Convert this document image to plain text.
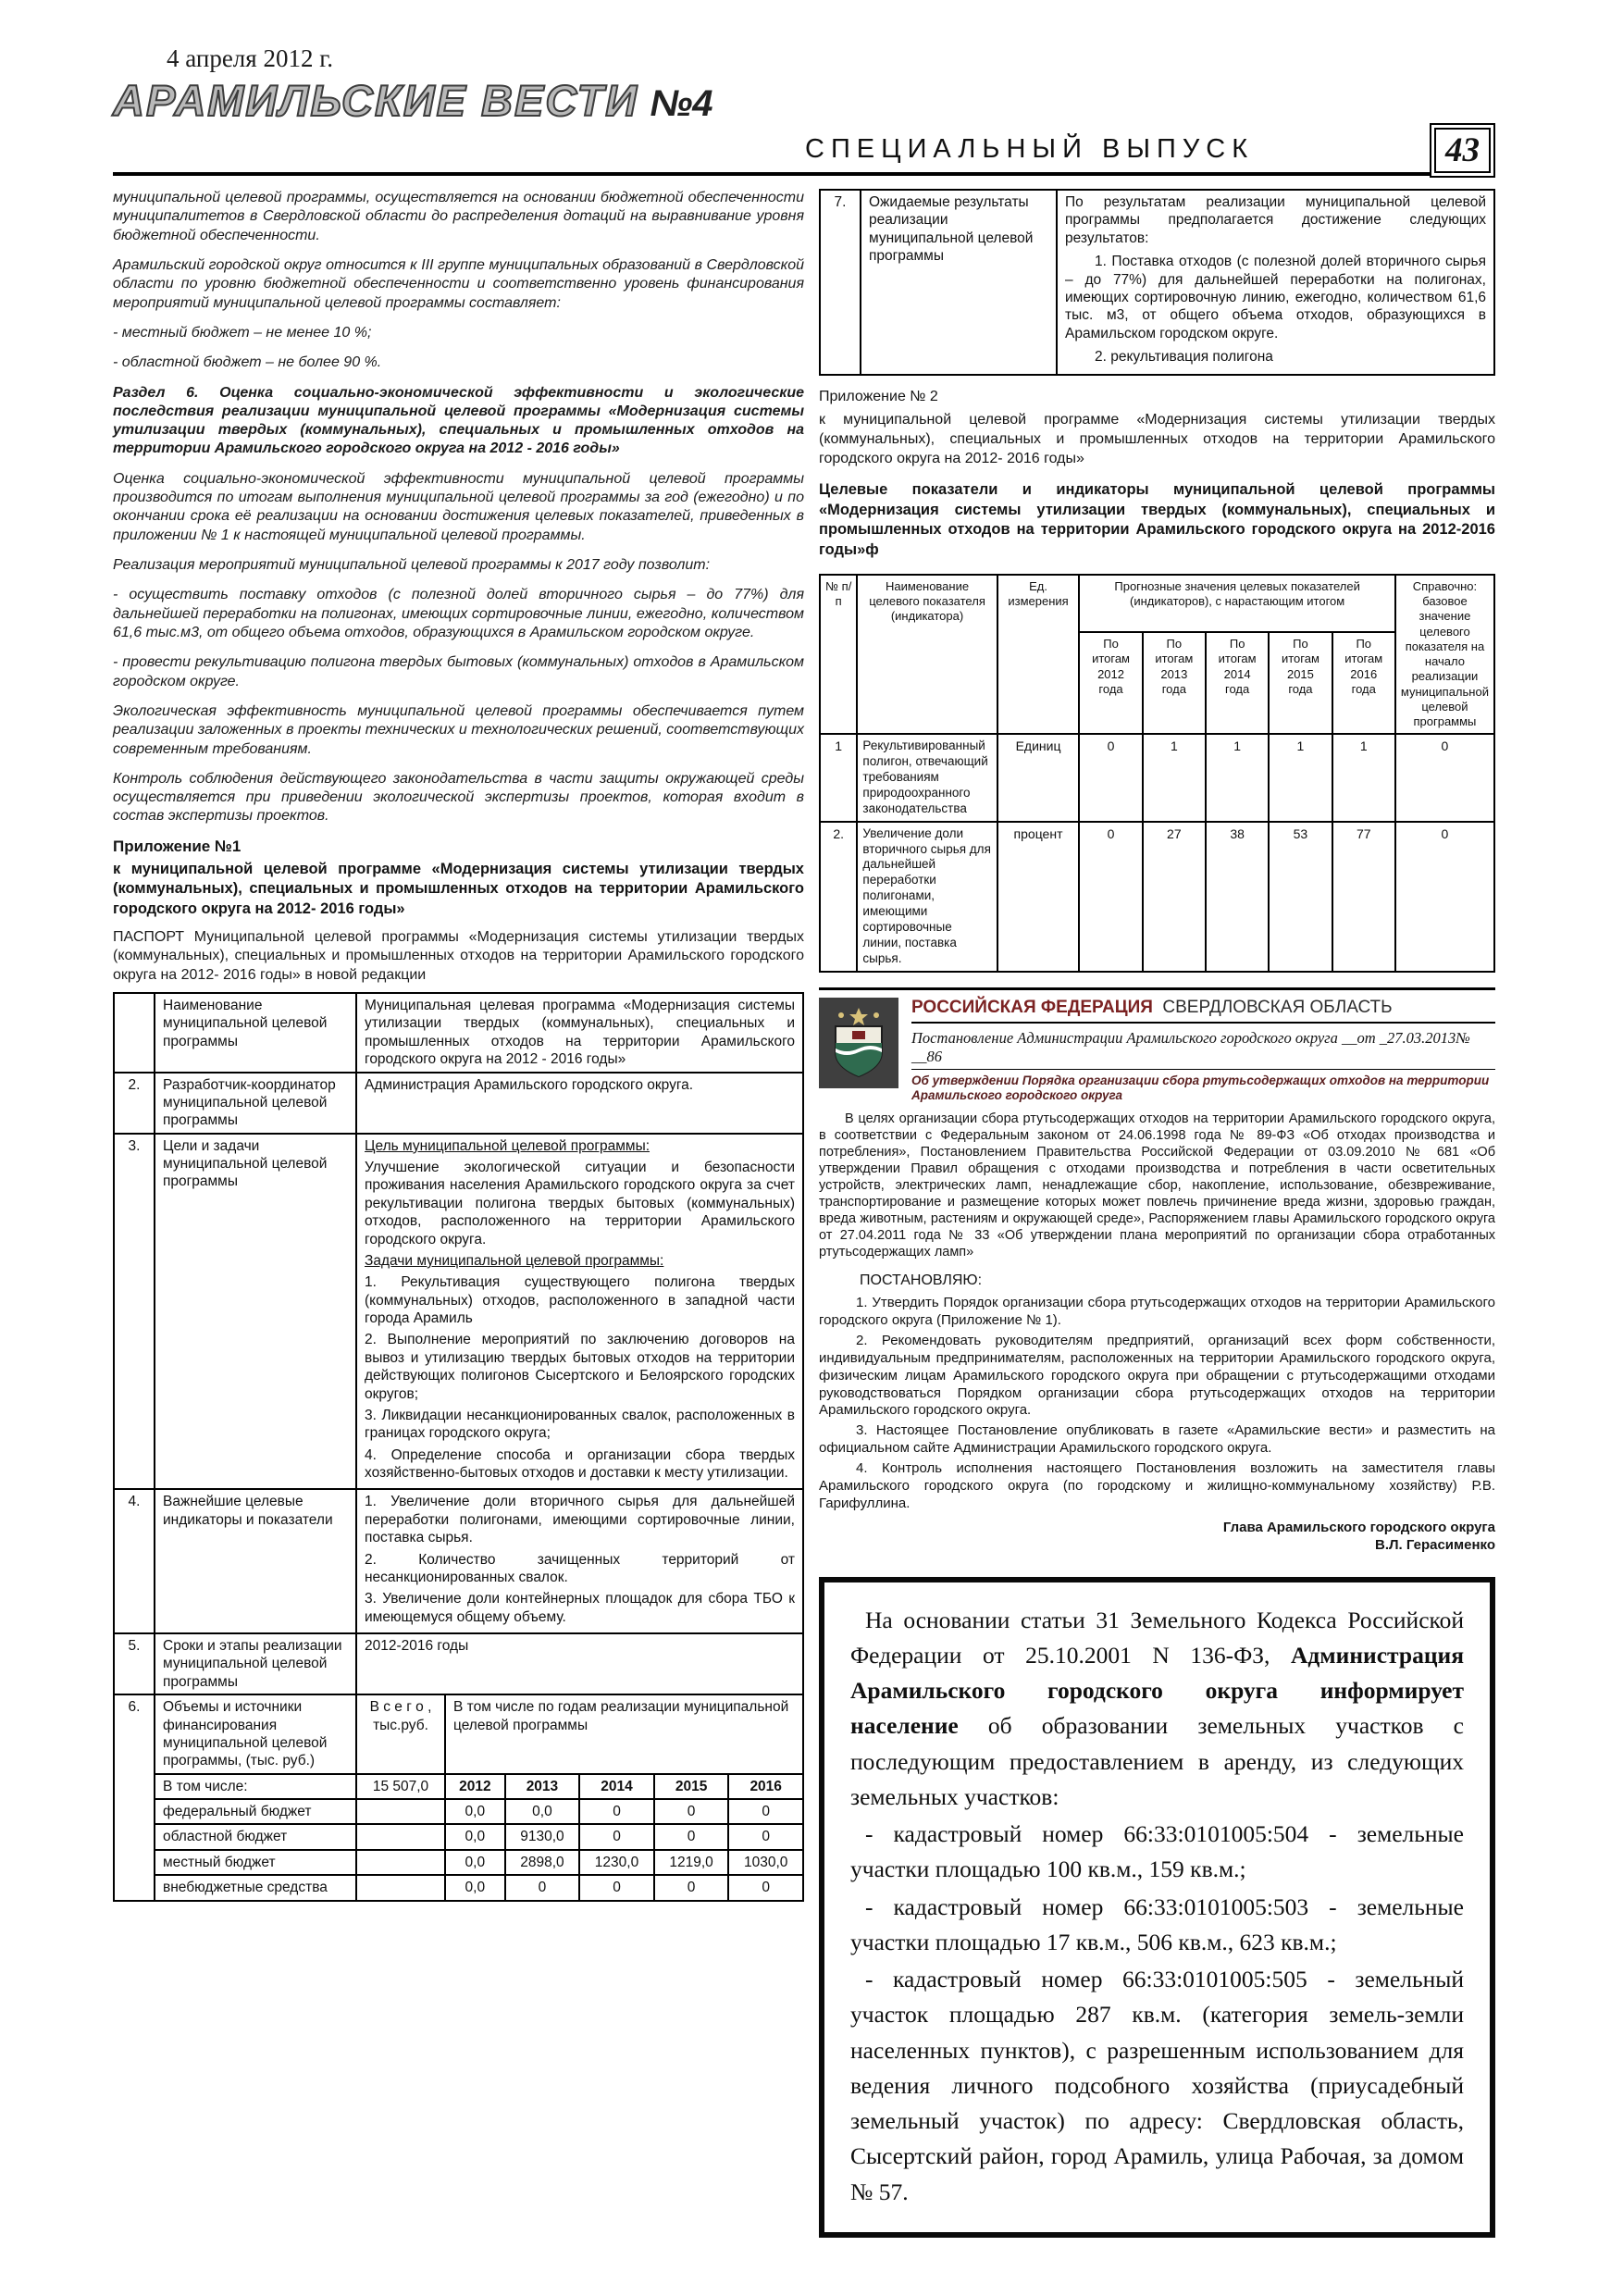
4 апреля 2012 г.
АРАМИЛЬСКИЕ ВЕСТИ №4
СПЕЦИАЛЬНЫЙ ВЫПУСК	43

муниципальной целевой программы, осуществляется на основании бюджетной обеспеченности муниципалитетов в Свердловской области до распределения дотаций на выравнивание уровня бюджетной обеспеченности.

Арамильский городской округ относится к III группе муниципальных образований в Свердловской области по уровню бюджетной обеспеченности и соответственно уровень финансирования мероприятий муниципальной целевой программы составляет:

- местный бюджет – не менее 10 %;

- областной бюджет – не более 90 %.

Раздел 6. Оценка социально-экономической эффективности и экологические последствия реализации муниципальной целевой программы «Модернизация системы утилизации твердых (коммунальных), специальных и промышленных отходов на территории Арамильского городского округа на 2012 - 2016 годы»

Оценка социально-экономической эффективности муниципальной целевой программы производится по итогам выполнения муниципальной целевой программы за год (ежегодно) и по окончании срока её реализации на основании достижения целевых показателей, приведенных в приложении № 1 к настоящей муниципальной целевой программы.

Реализация мероприятий муниципальной целевой программы к 2017 году позволит:

- осуществить поставку отходов (с полезной долей вторичного сырья – до 77%) для дальнейшей переработки на полигонах, имеющих сортировочные линии, ежегодно, количеством 61,6 тыс.м3, от общего объема отходов, образующихся в Арамильском городском округе.

- провести рекультивацию полигона твердых бытовых (коммунальных) отходов в Арамильском городском округе.

Экологическая эффективность муниципальной целевой программы обеспечивается путем реализации заложенных в проекты технических и технологических решений, соответствующих современным требованиям.

Контроль соблюдения действующего законодательства в части защиты окружающей среды осуществляется при приведении экологической экспертизы проектов, которая входит в состав экспертизы проектов.

Приложение №1
к муниципальной целевой программе «Модернизация системы утилизации твердых (коммунальных), специальных и промышленных отходов на территории Арамильского городского округа на 2012- 2016 годы»

ПАСПОРТ Муниципальной целевой программы «Модернизация системы утилизации твердых (коммунальных), специальных и промышленных отходов на территории Арамильского городского округа на 2012- 2016 годы» в новой редакции

	Наименование муниципальной целевой программы	Муниципальная целевая программа «Модернизация системы утилизации твердых (коммунальных), специальных и промышленных отходов на территории Арамильского городского округа на 2012 - 2016 годы»					
2.	Разработчик-координатор муниципальной целевой программы	Администрация Арамильского городского округа.					
3.	Цели и задачи муниципальной целевой программы	
Цель муниципальной целевой программы:
Улучшение экологической ситуации и безопасности проживания населения Арамильского городского округа за счет рекультивации полигона твердых бытовых (коммунальных) отходов, расположенного на территории Арамильского городского округа.
Задачи муниципальной целевой программы:
1. Рекультивация существующего полигона твердых (коммунальных) отходов, расположенного в западной части города Арамиль
2. Выполнение мероприятий по заключению договоров на вывоз и утилизацию твердых бытовых отходов на территории действующих полигонов Сысертского и Белоярского городских округов;
3. Ликвидации несанкционированных свалок, расположенных в границах городского округа;
4. Определение способа и организации сбора твердых хозяйственно-бытовых отходов и доставки к месту утилизации.

4.	Важнейшие целевые индикаторы и показатели	1. Увеличение доли вторичного сырья для дальнейшей переработки полигонами, имеющими сортировочные линии, поставка сырья.
2. Количество зачищенных территорий от несанкционированных свалок.
3. Увеличение доли контейнерных площадок для сбора ТБО к имеющемуся общему объему.					

5.	Сроки и этапы реализации муниципальной целевой программы	2012-2016 годы					
6.	Объемы и источники финансирования муниципальной целевой программы, (тыс. руб.)	В с е г о , тыс.руб.	В том числе по годам реализации муниципальной целевой программы				
	В том числе:	15 507,0	2012	2013	2014	2015	2016
	федеральный бюджет		0,0	0,0	0	0	0
	областной бюджет		0,0	9130,0	0	0	0
	местный бюджет		0,0	2898,0	1230,0	1219,0	1030,0
	внебюджетные средства		0,0	0	0	0	0
7.	Ожидаемые результаты реализации муниципальной целевой программы	
По результатам реализации муниципальной целевой программы предполагается достижение следующих результатов:
1. Поставка отходов (с полезной долей вторичного сырья – до 77%) для дальнейшей переработки на полигонах, имеющих сортировочную линию, ежегодно, количеством 61,6 тыс. м3, от общего объема отходов, образующихся в Арамильском городском округе.
2. рекультивация полигона

Приложение № 2

к муниципальной целевой программе «Модернизация системы утилизации твердых (коммунальных), специальных и промышленных отходов на территории Арамильского городского округа на 2012- 2016 годы»

Целевые показатели и индикаторы муниципальной целевой программы «Модернизация системы утилизации твердых (коммунальных), специальных и промышленных отходов на территории Арамильского городского округа на 2012-2016 годы»ф

№ п/п	Наименование целевого показателя (индикатора)	Ед. измерения	Прогнозные значения целевых показателей (индикаторов), с нарастающим итогом					Справочно: базовое значение целевого показателя на начало реализации муниципальной целевой программы
			По итогам 2012 года	По итогам 2013 года	По итогам 2014 года	По итогам 2015 года	По итогам 2016 года	
1	Рекультивированный полигон, отвечающий требованиям природоохранного законодательства	Единиц	0	1	1	1	1	0
2.	Увеличение доли вторичного сырья для дальнейшей переработки полигонами, имеющими сортировочные линии, поставка сырья.	процент	0	27	38	53	77	0
РОССИЙСКАЯ ФЕДЕРАЦИЯ СВЕРДЛОВСКАЯ ОБЛАСТЬ
Постановление Администрации Арамильского городского округа __от _27.03.2013№ __86
Об утверждении Порядка организации сбора ртутьсодержащих отходов на территории Арамильского городского округа

В целях организации сбора ртутьсодержащих отходов на территории Арамильского городского округа, в соответствии с Федеральным законом от 24.06.1998 года № 89-ФЗ «Об отходах производства и потребления», Постановлением Правительства Российской Федерации от 03.09.2010 № 681 «Об утверждении Правил обращения с отходами производства и потребления в части осветительных устройств, электрических ламп, ненадлежащие сбор, накопление, использование, обезвреживание, транспортирование и размещение которых может повлечь причинение вреда жизни, здоровью граждан, вреда животным, растениям и окружающей среде», Распоряжением главы Арамильского городского округа от 27.04.2011 года № 33 «Об утверждении плана мероприятий по организации сбора отработанных ртутьсодержащих ламп»

ПОСТАНОВЛЯЮ:

1. Утвердить Порядок организации сбора ртутьсодержащих отходов на территории Арамильского городского округа (Приложение № 1).

2. Рекомендовать руководителям предприятий, организаций всех форм собственности, индивидуальным предпринимателям, расположенных на территории Арамильского городского округа, физическим лицам Арамильского городского округа при обращении с ртутьсодержащими отходами руководствоваться Порядком организации сбора ртутьсодержащих отходов на территории Арамильского городского округа.

3. Настоящее Постановление опубликовать в газете «Арамильские вести» и разместить на официальном сайте Администрации Арамильского городского округа.

4. Контроль исполнения настоящего Постановления возложить на заместителя главы Арамильского городского округа (по городскому и жилищно-коммунальному хозяйству) Р.В. Гарифуллина.

Глава Арамильского городского округа
В.Л. Герасименко

На основании статьи 31 Земельного Кодекса Российской Федерации от 25.10.2001 N 136-ФЗ, Администрация Арамильского городского округа информирует население об образовании земельных участков с последующим предоставлением в аренду, из следующих земельных участков:

- кадастровый номер 66:33:0101005:504 - земельные участки площадью 100 кв.м., 159 кв.м.;

- кадастровый номер 66:33:0101005:503 - земельные участки площадью 17 кв.м., 506 кв.м., 623 кв.м.;

- кадастровый номер 66:33:0101005:505 - земельный участок площадью 287 кв.м. (категория земель-земли населенных пунктов), с разрешенным использованием для ведения личного подсобного хозяйства (приусадебный земельный участок) по адресу: Свердловская область, Сысертский район, город Арамиль, улица Рабочая, за домом № 57.
